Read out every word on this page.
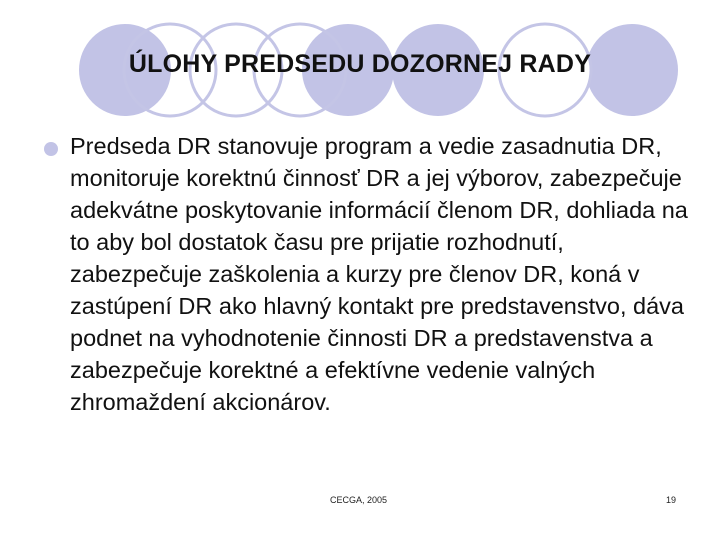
ÚLOHY PREDSEDU DOZORNEJ RADY
Predseda DR stanovuje program a vedie zasadnutia DR, monitoruje korektnú činnosť DR a jej výborov, zabezpečuje adekvátne poskytovanie informácií členom DR, dohliada na to aby bol dostatok času pre prijatie rozhodnutí, zabezpečuje zaškolenia a kurzy pre členov DR, koná v zastúpení DR ako hlavný kontakt pre predstavenstvo, dáva podnet na vyhodnotenie činnosti DR a predstavenstva a zabezpečuje korektné a efektívne vedenie valných zhromaždení akcionárov.
CECGA, 2005	19
